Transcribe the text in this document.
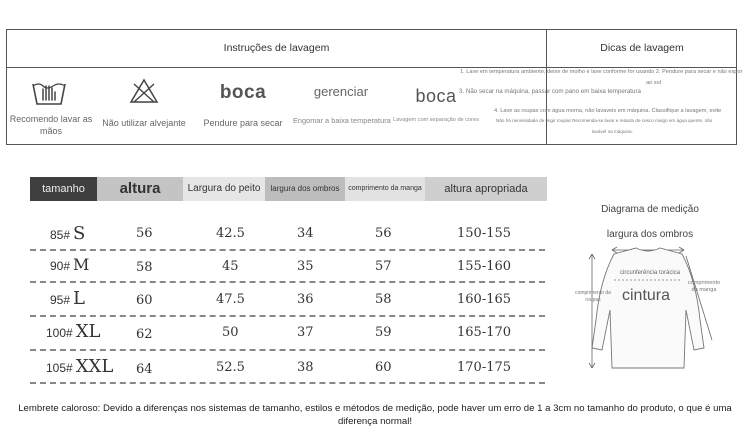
Instruções de lavagem	Dicas de lavagem
Recomendo lavar as mãos
Não utilizar alvejante
boca
Pendure para secar
gerenciar
Engomar a baixa temperatura
boca
Lavagem com separação de cores
1. Lave em temperatura ambiente, deixe de molho e lave conforme for usando 2. Pendure para secar e não expor
ao sol
3. Não secar na máquina, passar com pano em baixa temperatura
4. Lave as roupas com água morna, não lavaveis em máquina. Classifique a lavagem, evite
Não há necessidade de tingir roupas Recomenda-se lavar e retardo de cesco maigo em água quente, não
lavável na máquina.
tamanho	altura	Largura do peito	largura dos ombros	comprimento da manga	altura apropriada
85# S	56	42.5	34	56	150-155
90# M	58	45	35	57	155-160
95# L	60	47.5	36	58	160-165
100# XL	62	50	37	59	165-170
105# XXL 64	52.5	38	60	170-175
Diagrama de medição
largura dos ombros
circunferência torácica
comprimento da roupas
comprimento da manga
cintura
Lembrete caloroso: Devido a diferenças nos sistemas de tamanho, estilos e métodos de medição, pode haver um erro de 1 a 3cm no tamanho do produto, o que é uma diferença normal!
